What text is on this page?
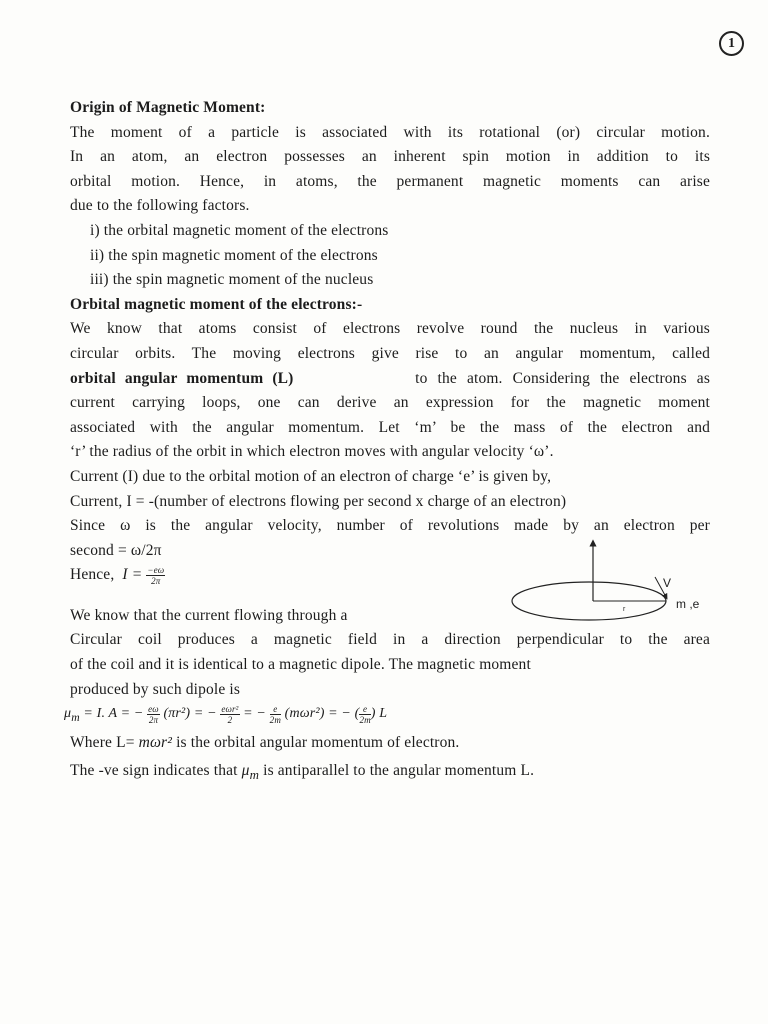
1
Origin of Magnetic Moment:
The moment of a particle is associated with its rotational (or) circular motion.
In an atom, an electron possesses an inherent spin motion in addition to its
orbital motion. Hence, in atoms, the permanent magnetic moments can arise
due to the following factors.
i) the orbital magnetic moment of the electrons
ii) the spin magnetic moment of the electrons
iii) the spin magnetic moment of the nucleus
Orbital magnetic moment of the electrons:-
We know that atoms consist of electrons revolve round the nucleus in various
circular orbits. The moving electrons give rise to an angular momentum, called
orbital angular momentum (L)	to the atom. Considering the electrons as
current carrying loops, one can derive an expression for the magnetic moment
associated with the angular momentum. Let ‘m’ be the mass of the electron and
‘r’ the radius of the orbit in which electron moves with angular velocity ‘ω’.
Current (I) due to the orbital motion of an electron of charge ‘e’ is given by,
Current, I = -(number of electrons flowing per second x charge of an electron)
Since ω is the angular velocity, number of revolutions made by an electron per
second = ω/2π
Hence, $I = \frac{-e\omega}{2\pi}$
We know that the current flowing through a
Circular coil produces a magnetic field in a direction perpendicular to the area
of the coil and it is identical to a magnetic dipole. The magnetic moment
produced by such dipole is
$\mu_m = I$. A = − $\frac{e\omega}{2\pi} (\pi r^2)$ = − $\frac{\text{eωr²}}{2}$ = − $\frac{e}{2m} (m\omega r^2)$ = − ( $\frac{e}{2m}$ ) L
Where L= mωr² is the orbital angular momentum of electron.
The -ve sign indicates that $\mu_m$ is antiparallel to the angular momentum L.
V
m ,e
r
